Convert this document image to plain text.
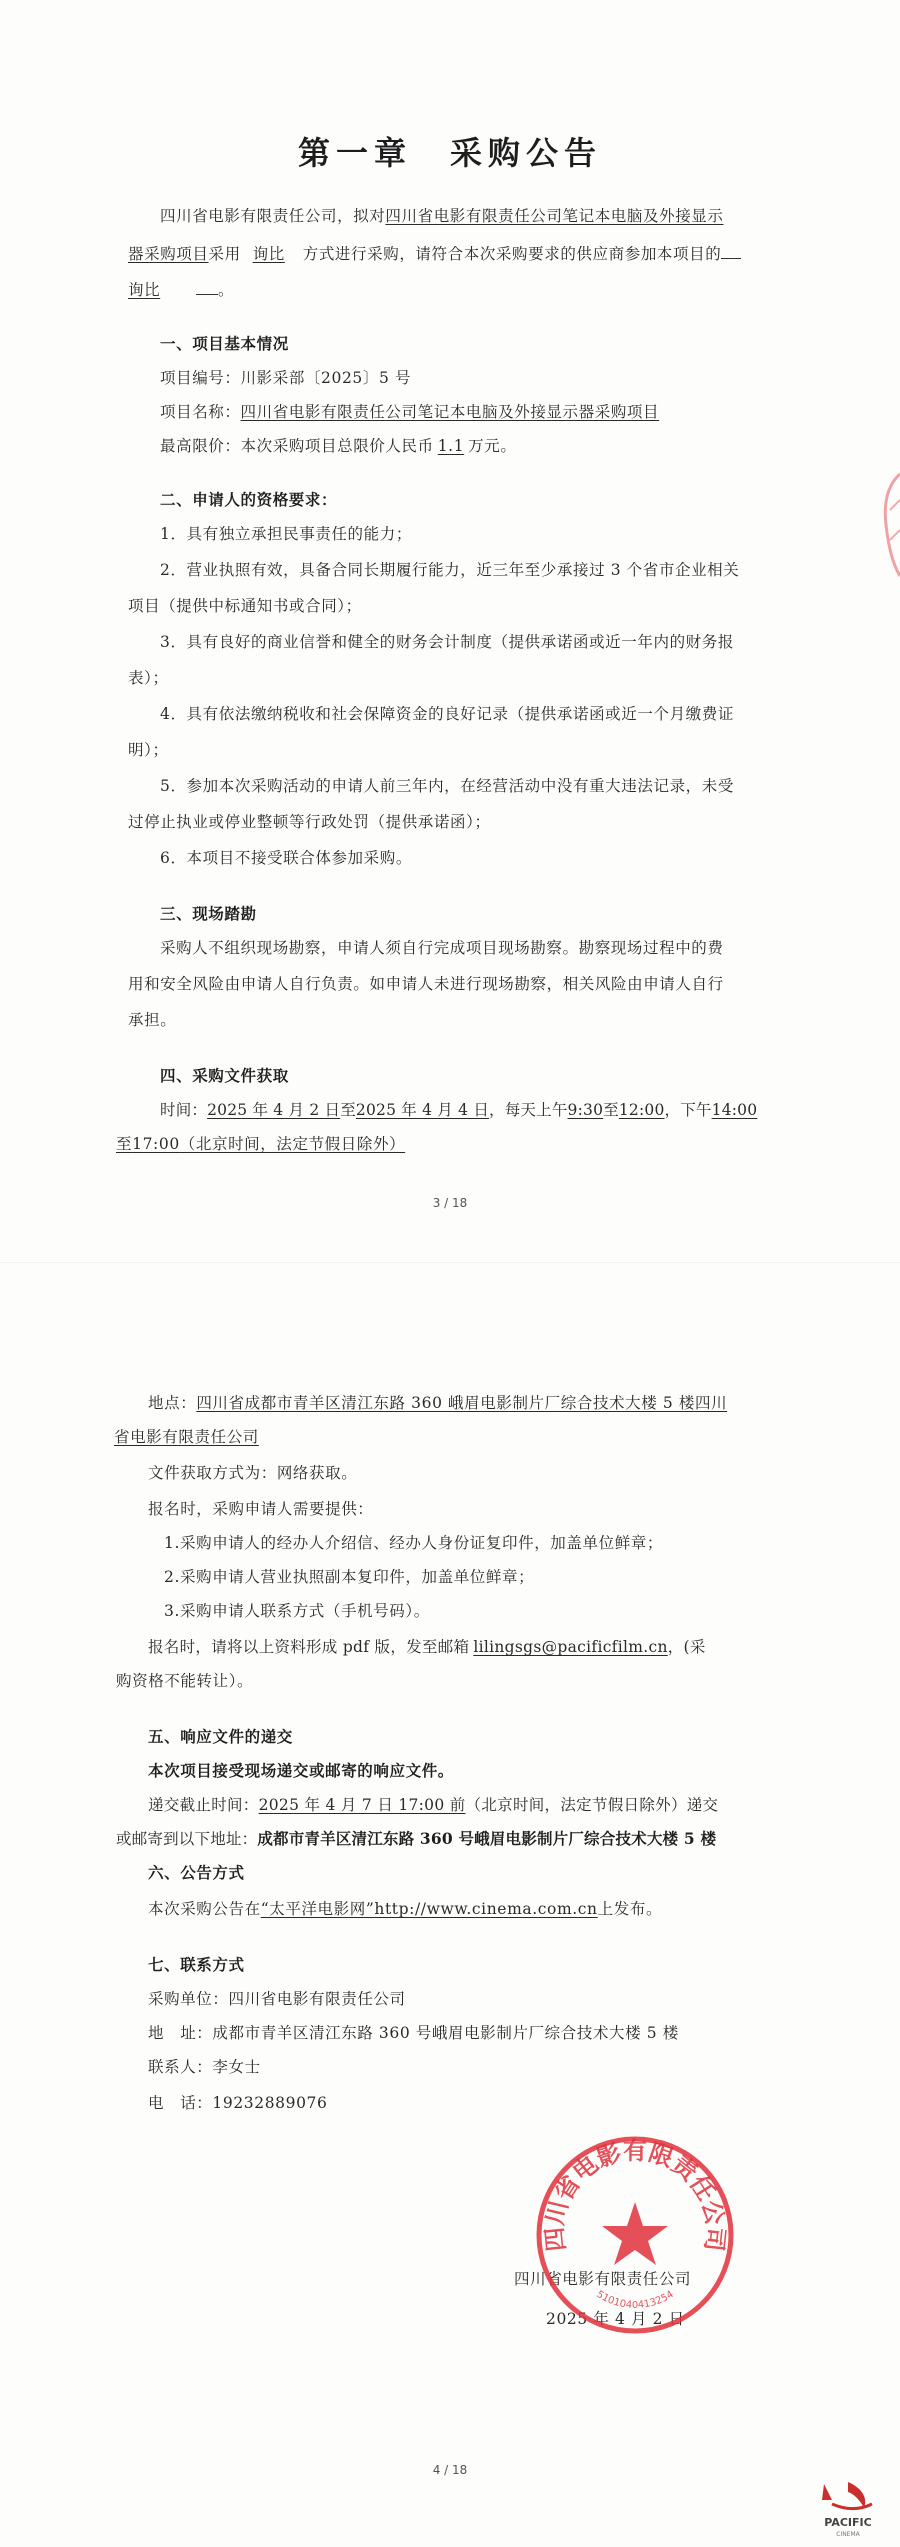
第一章　采购公告
四川省电影有限责任公司，拟对四川省电影有限责任公司笔记本电脑及外接显示
器采购项目采用 询比 方式进行采购，请符合本次采购要求的供应商参加本项目的
询比	。
一、项目基本情况
项目编号：川影采部〔2025〕5 号
项目名称：四川省电影有限责任公司笔记本电脑及外接显示器采购项目
最高限价：本次采购项目总限价人民币 1.1 万元。
二、申请人的资格要求：
1．具有独立承担民事责任的能力；
2．营业执照有效，具备合同长期履行能力，近三年至少承接过 3 个省市企业相关
项目（提供中标通知书或合同）；
3．具有良好的商业信誉和健全的财务会计制度（提供承诺函或近一年内的财务报
表）；
4．具有依法缴纳税收和社会保障资金的良好记录（提供承诺函或近一个月缴费证
明）；
5．参加本次采购活动的申请人前三年内，在经营活动中没有重大违法记录，未受
过停止执业或停业整顿等行政处罚（提供承诺函）；
6．本项目不接受联合体参加采购。
三、现场踏勘
采购人不组织现场勘察，申请人须自行完成项目现场勘察。勘察现场过程中的费
用和安全风险由申请人自行负责。如申请人未进行现场勘察，相关风险由申请人自行
承担。
四、采购文件获取
时间：2025 年 4 月 2 日至2025 年 4 月 4 日，每天上午9:30至12:00，下午14:00
至17:00（北京时间，法定节假日除外）
3 / 18
地点：四川省成都市青羊区清江东路 360 峨眉电影制片厂综合技术大楼 5 楼四川
省电影有限责任公司
文件获取方式为：网络获取。
报名时，采购申请人需要提供：
1.采购申请人的经办人介绍信、经办人身份证复印件，加盖单位鲜章；
2.采购申请人营业执照副本复印件，加盖单位鲜章；
3.采购申请人联系方式（手机号码）。
报名时，请将以上资料形成 pdf 版，发至邮箱 lilingsgs@pacificfilm.cn，(采
购资格不能转让）。
五、响应文件的递交
本次项目接受现场递交或邮寄的响应文件。
递交截止时间：2025 年 4 月 7 日 17:00 前（北京时间，法定节假日除外）递交
或邮寄到以下地址：成都市青羊区清江东路 360 号峨眉电影制片厂综合技术大楼 5 楼
六、公告方式
本次采购公告在“太平洋电影网”http://www.cinema.com.cn上发布。
七、联系方式
采购单位：四川省电影有限责任公司
地　址：成都市青羊区清江东路 360 号峨眉电影制片厂综合技术大楼 5 楼
联系人：李女士
电　话：19232889076
四川省电影有限责任公司
2025 年 4 月 2 日
4 / 18
四川省电影有限责任公司
5101040413254
PACIFIC
CINEMA
